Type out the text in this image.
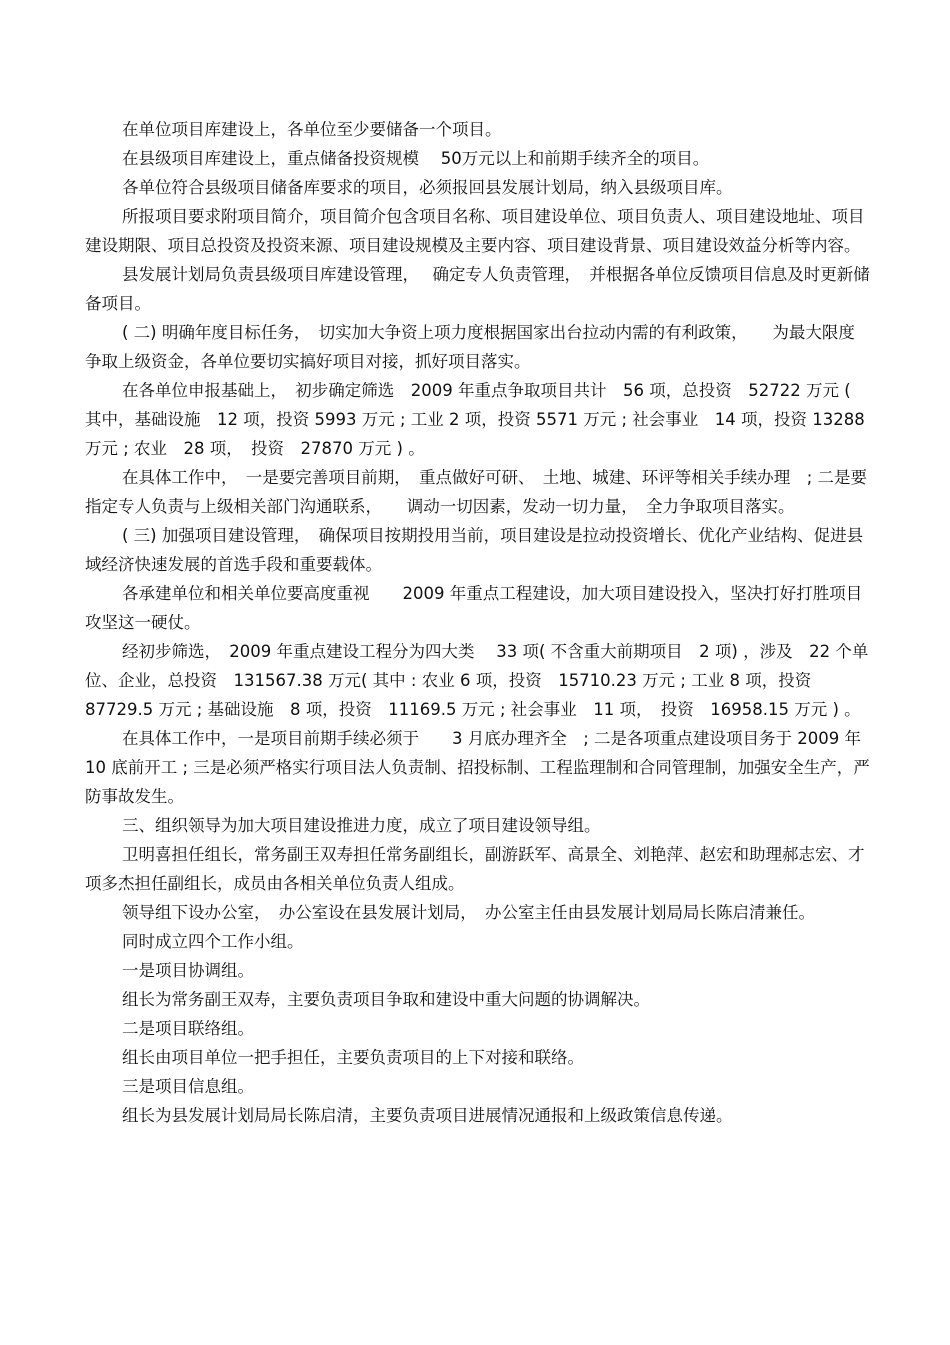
在单位项目库建设上，各单位至少要储备一个项目。

在县级项目库建设上，重点储备投资规模　 50万元以上和前期手续齐全的项目。

各单位符合县级项目储备库要求的项目，必须报回县发展计划局，纳入县级项目库。

所报项目要求附项目简介，项目简介包含项目名称、项目建设单位、项目负责人、项目建设地址、项目建设期限、项目总投资及投资来源、项目建设规模及主要内容、项目建设背景、项目建设效益分析等内容。

县发展计划局负责县级项目库建设管理，　 确定专人负责管理，　并根据各单位反馈项目信息及时更新储备项目。

( 二) 明确年度目标任务，　切实加大争资上项力度根据国家出台拉动内需的有利政策，　　为最大限度争取上级资金，各单位要切实搞好项目对接，抓好项目落实。

在各单位申报基础上，　初步确定筛选　2009 年重点争取项目共计　56 项，总投资　52722 万元 ( 其中，基础设施　12 项，投资 5993 万元 ; 工业 2 项，投资 5571 万元 ; 社会事业　14 项，投资 13288 万元 ; 农业　28 项，　投资　27870 万元 ) 。

在具体工作中，　一是要完善项目前期，　重点做好可研、　土地、城建、环评等相关手续办理　; 二是要指定专人负责与上级相关部门沟通联系，　　调动一切因素，发动一切力量，　全力争取项目落实。

( 三) 加强项目建设管理，　确保项目按期投用当前，项目建设是拉动投资增长、优化产业结构、促进县域经济快速发展的首选手段和重要载体。

各承建单位和相关单位要高度重视　　2009 年重点工程建设，加大项目建设投入，坚决打好打胜项目攻坚这一硬仗。

经初步筛选，　2009 年重点建设工程分为四大类　 33 项( 不含重大前期项目　2 项) ，涉及　22 个单位、企业，总投资　131567.38 万元( 其中 : 农业 6 项，投资　15710.23 万元 ; 工业 8 项，投资 87729.5 万元 ; 基础设施　8 项，投资　11169.5 万元 ; 社会事业　11 项，　投资　16958.15 万元 ) 。

在具体工作中，一是项目前期手续必须于　　3 月底办理齐全　; 二是各项重点建设项目务于 2009 年　10 底前开工 ; 三是必须严格实行项目法人负责制、招投标制、工程监理制和合同管理制，加强安全生产，严防事故发生。

三、组织领导为加大项目建设推进力度，成立了项目建设领导组。

卫明喜担任组长，常务副王双寿担任常务副组长，副游跃军、高景全、刘艳萍、赵宏和助理郝志宏、才项多杰担任副组长，成员由各相关单位负责人组成。

领导组下设办公室，　办公室设在县发展计划局，　办公室主任由县发展计划局局长陈启清兼任。

同时成立四个工作小组。

一是项目协调组。

组长为常务副王双寿，主要负责项目争取和建设中重大问题的协调解决。

二是项目联络组。

组长由项目单位一把手担任，主要负责项目的上下对接和联络。

三是项目信息组。

组长为县发展计划局局长陈启清，主要负责项目进展情况通报和上级政策信息传递。
